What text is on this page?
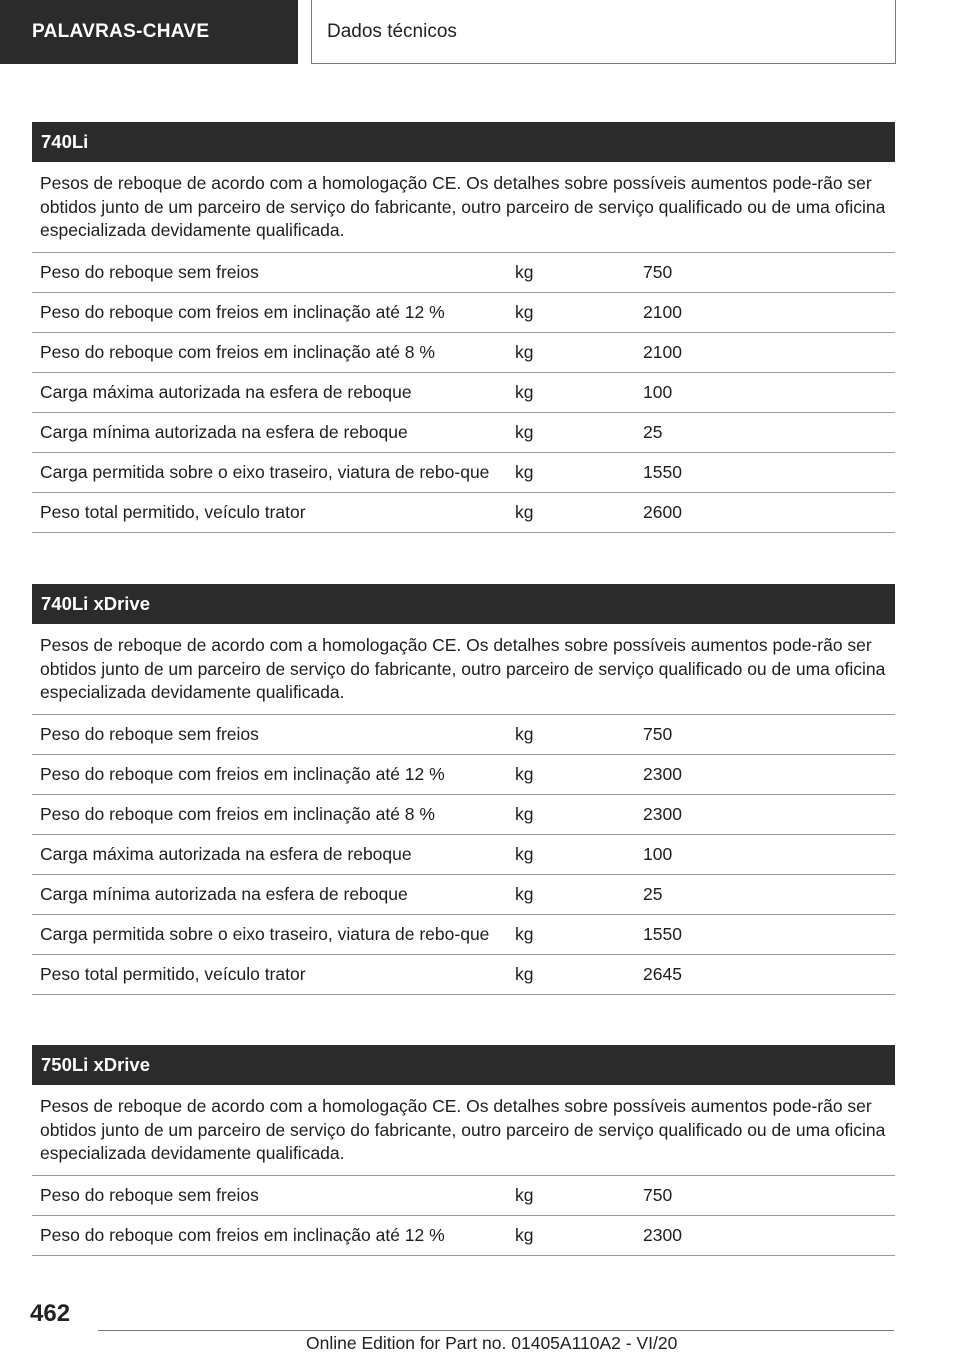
PALAVRAS-CHAVE	Dados técnicos
740Li
Pesos de reboque de acordo com a homologação CE. Os detalhes sobre possíveis aumentos pode-rão ser obtidos junto de um parceiro de serviço do fabricante, outro parceiro de serviço qualificado ou de uma oficina especializada devidamente qualificada.
Peso do reboque sem freios	kg	750
Peso do reboque com freios em inclinação até 12 %	kg	2100
Peso do reboque com freios em inclinação até 8 %	kg	2100
Carga máxima autorizada na esfera de reboque	kg	100
Carga mínima autorizada na esfera de reboque	kg	25
Carga permitida sobre o eixo traseiro, viatura de rebo-que	kg	1550
Peso total permitido, veículo trator	kg	2600
740Li xDrive
Pesos de reboque de acordo com a homologação CE. Os detalhes sobre possíveis aumentos pode-rão ser obtidos junto de um parceiro de serviço do fabricante, outro parceiro de serviço qualificado ou de uma oficina especializada devidamente qualificada.
Peso do reboque sem freios	kg	750
Peso do reboque com freios em inclinação até 12 %	kg	2300
Peso do reboque com freios em inclinação até 8 %	kg	2300
Carga máxima autorizada na esfera de reboque	kg	100
Carga mínima autorizada na esfera de reboque	kg	25
Carga permitida sobre o eixo traseiro, viatura de rebo-que	kg	1550
Peso total permitido, veículo trator	kg	2645
750Li xDrive
Pesos de reboque de acordo com a homologação CE. Os detalhes sobre possíveis aumentos pode-rão ser obtidos junto de um parceiro de serviço do fabricante, outro parceiro de serviço qualificado ou de uma oficina especializada devidamente qualificada.
Peso do reboque sem freios	kg	750
Peso do reboque com freios em inclinação até 12 %	kg	2300
462
Online Edition for Part no. 01405A110A2 - VI/20
